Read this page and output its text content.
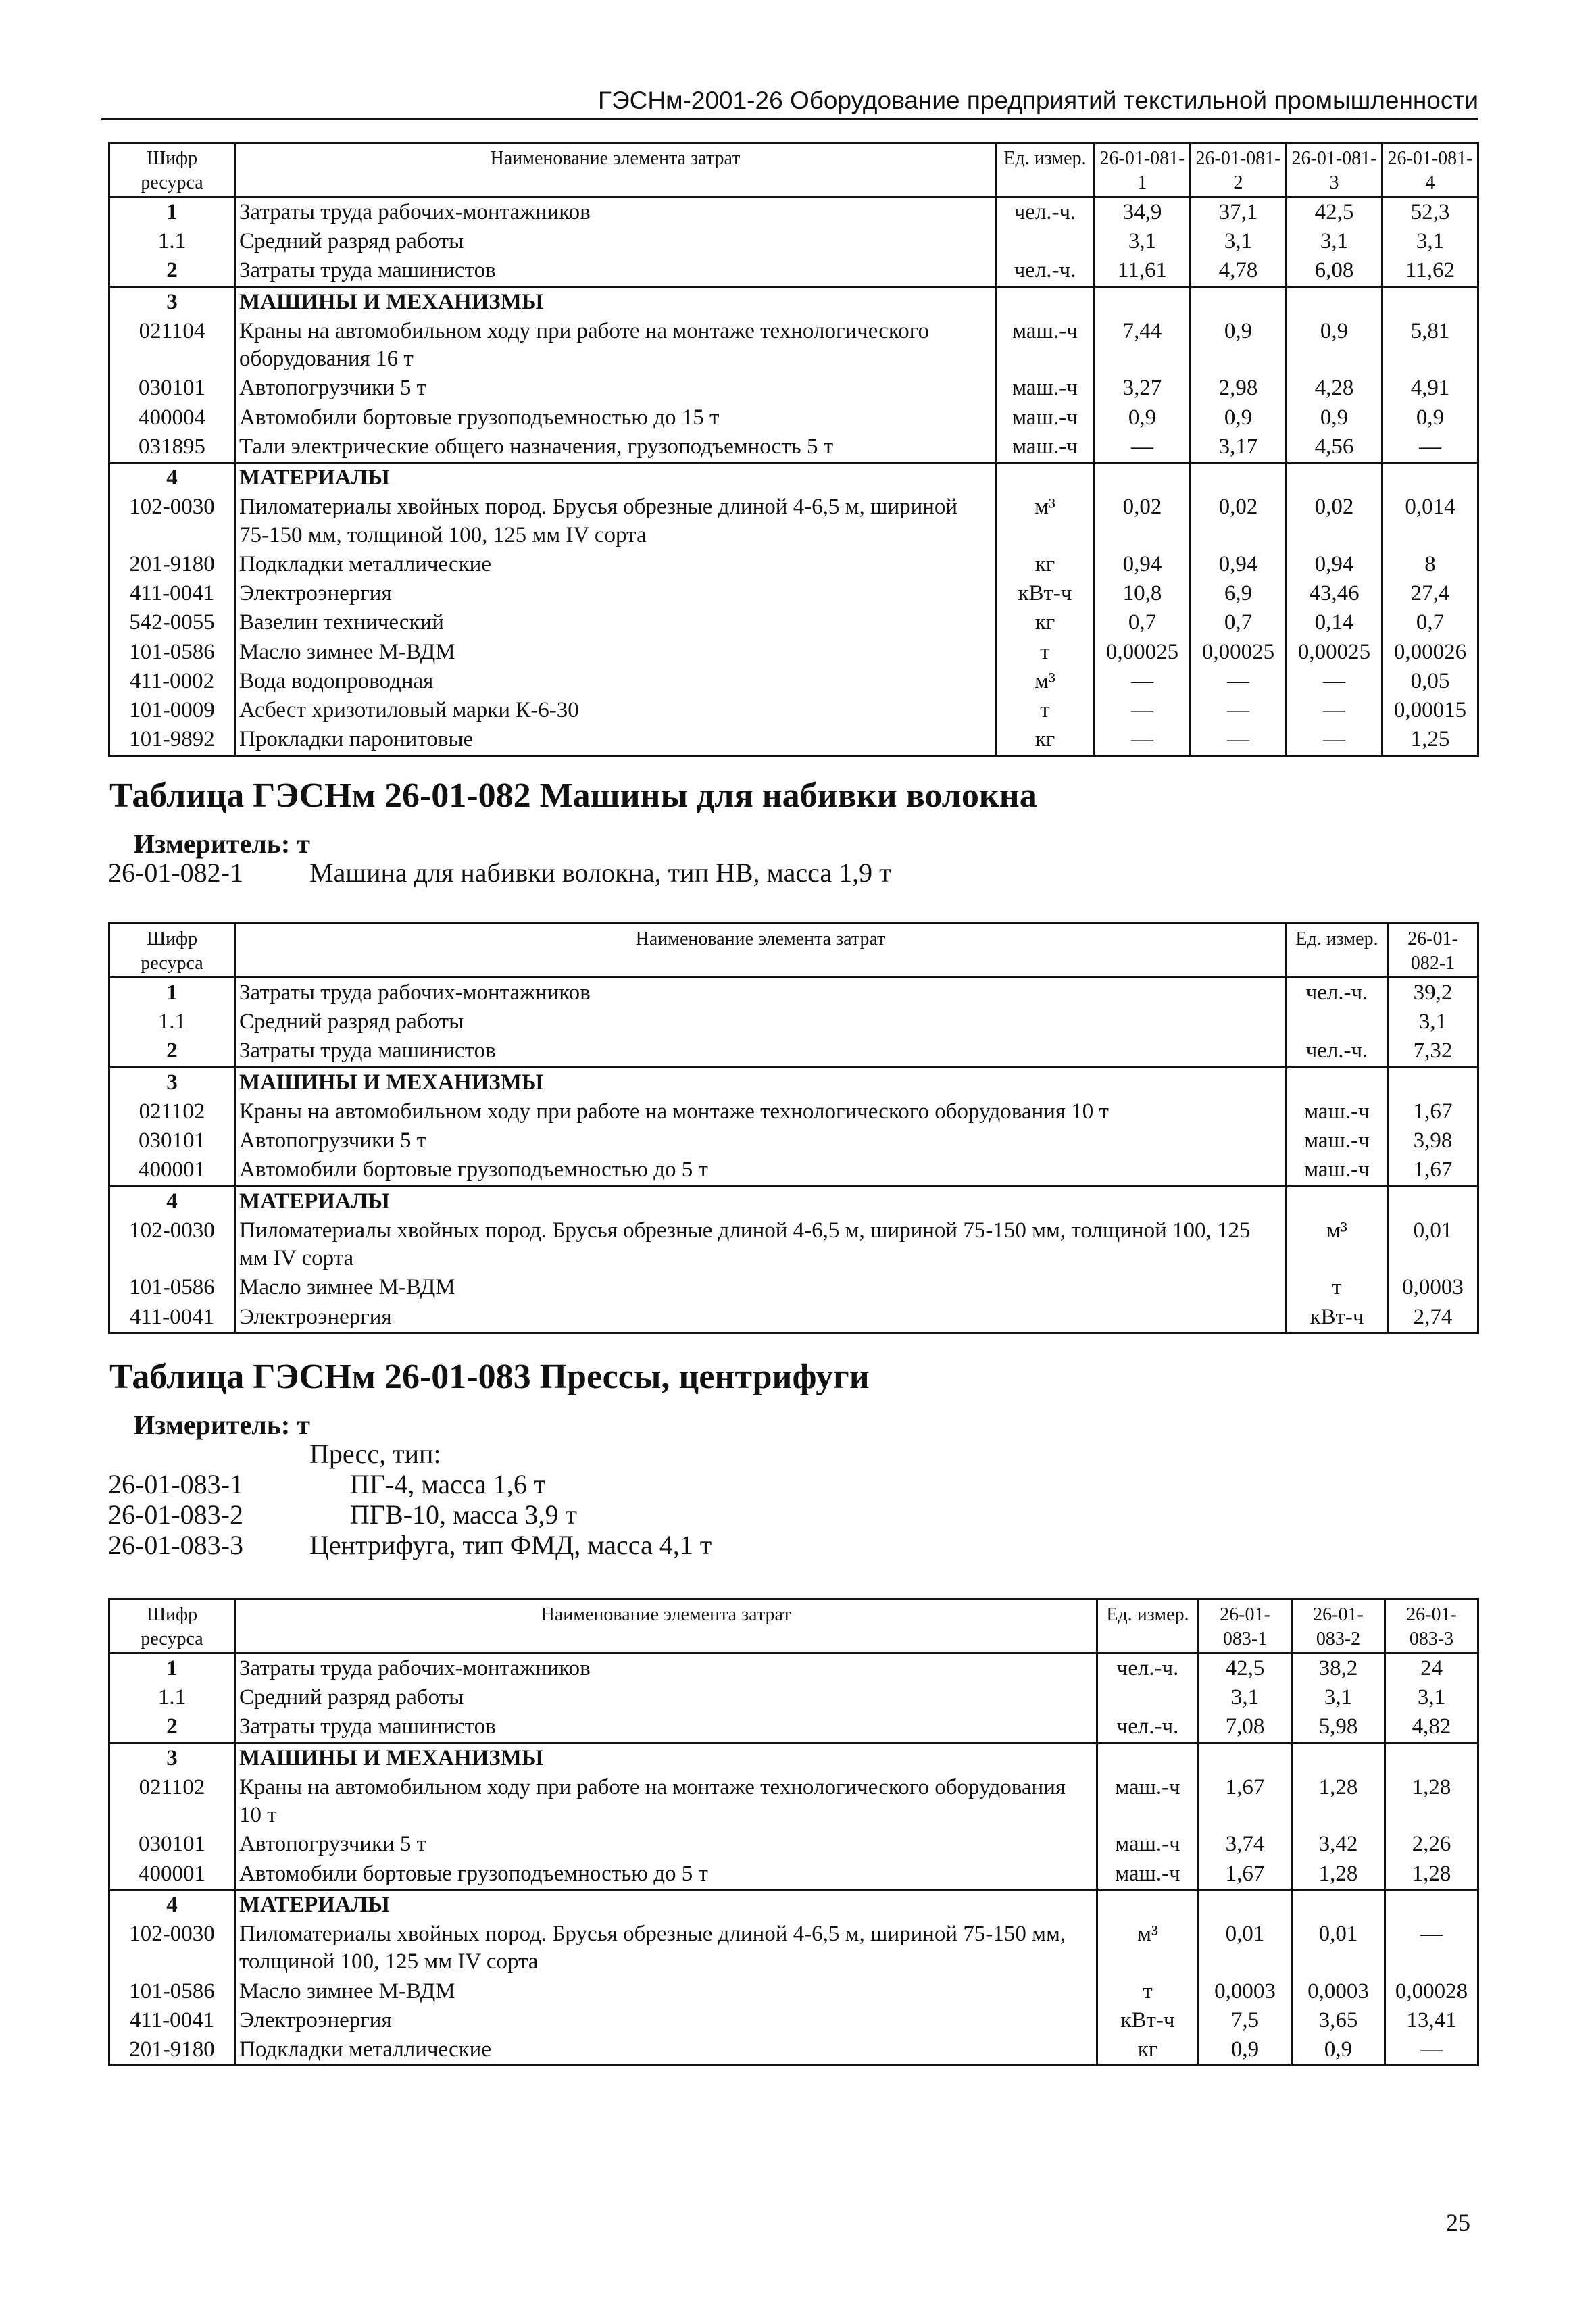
ГЭСНм-2001-26 Оборудование предприятий текстильной промышленности
Шифр ресурса	Наименование элемента затрат	Ед. измер.	26-01-081-1	26-01-081-2	26-01-081-3	26-01-081-4
1	Затраты труда рабочих-монтажников	чел.-ч.	34,9	37,1	42,5	52,3
1.1	Средний разряд работы		3,1	3,1	3,1	3,1
2	Затраты труда машинистов	чел.-ч.	11,61	4,78	6,08	11,62
3	МАШИНЫ И МЕХАНИЗМЫ					
021104	Краны на автомобильном ходу при работе на монтаже технологического оборудования 16 т	маш.-ч	7,44	0,9	0,9	5,81
030101	Автопогрузчики 5 т	маш.-ч	3,27	2,98	4,28	4,91
400004	Автомобили бортовые грузоподъемностью до 15 т	маш.-ч	0,9	0,9	0,9	0,9
031895	Тали электрические общего назначения, грузоподъемность 5 т	маш.-ч	—	3,17	4,56	—
4	МАТЕРИАЛЫ					
102-0030	Пиломатериалы хвойных пород. Брусья обрезные длиной 4-6,5 м, шириной 75-150 мм, толщиной 100, 125 мм IV сорта	м³	0,02	0,02	0,02	0,014
201-9180	Подкладки металлические	кг	0,94	0,94	0,94	8
411-0041	Электроэнергия	кВт-ч	10,8	6,9	43,46	27,4
542-0055	Вазелин технический	кг	0,7	0,7	0,14	0,7
101-0586	Масло зимнее М-ВДМ	т	0,00025	0,00025	0,00025	0,00026
411-0002	Вода водопроводная	м³	—	—	—	0,05
101-0009	Асбест хризотиловый марки К-6-30	т	—	—	—	0,00015
101-9892	Прокладки паронитовые	кг	—	—	—	1,25
Таблица ГЭСНм 26-01-082 Машины для набивки волокна
Измеритель: т
26-01-082-1 Машина для набивки волокна, тип НВ, масса 1,9 т
Шифр ресурса	Наименование элемента затрат	Ед. измер.	26-01-082-1
1	Затраты труда рабочих-монтажников	чел.-ч.	39,2
1.1	Средний разряд работы		3,1
2	Затраты труда машинистов	чел.-ч.	7,32
3	МАШИНЫ И МЕХАНИЗМЫ		
021102	Краны на автомобильном ходу при работе на монтаже технологического оборудования 10 т	маш.-ч	1,67
030101	Автопогрузчики 5 т	маш.-ч	3,98
400001	Автомобили бортовые грузоподъемностью до 5 т	маш.-ч	1,67
4	МАТЕРИАЛЫ		
102-0030	Пиломатериалы хвойных пород. Брусья обрезные длиной 4-6,5 м, шириной 75-150 мм, толщиной 100, 125 мм IV сорта	м³	0,01
101-0586	Масло зимнее М-ВДМ	т	0,0003
411-0041	Электроэнергия	кВт-ч	2,74
Таблица ГЭСНм 26-01-083 Прессы, центрифуги
Измеритель: т
Пресс, тип:
26-01-083-1	ПГ-4, масса 1,6 т
26-01-083-2	ПГВ-10, масса 3,9 т
26-01-083-3 Центрифуга, тип ФМД, масса 4,1 т
Шифр ресурса	Наименование элемента затрат	Ед. измер.	26-01-083-1	26-01-083-2	26-01-083-3
1	Затраты труда рабочих-монтажников	чел.-ч.	42,5	38,2	24
1.1	Средний разряд работы		3,1	3,1	3,1
2	Затраты труда машинистов	чел.-ч.	7,08	5,98	4,82
3	МАШИНЫ И МЕХАНИЗМЫ				
021102	Краны на автомобильном ходу при работе на монтаже технологического оборудования 10 т	маш.-ч	1,67	1,28	1,28
030101	Автопогрузчики 5 т	маш.-ч	3,74	3,42	2,26
400001	Автомобили бортовые грузоподъемностью до 5 т	маш.-ч	1,67	1,28	1,28
4	МАТЕРИАЛЫ				
102-0030	Пиломатериалы хвойных пород. Брусья обрезные длиной 4-6,5 м, шириной 75-150 мм, толщиной 100, 125 мм IV сорта	м³	0,01	0,01	—
101-0586	Масло зимнее М-ВДМ	т	0,0003	0,0003	0,00028
411-0041	Электроэнергия	кВт-ч	7,5	3,65	13,41
201-9180	Подкладки металлические	кг	0,9	0,9	—
25
